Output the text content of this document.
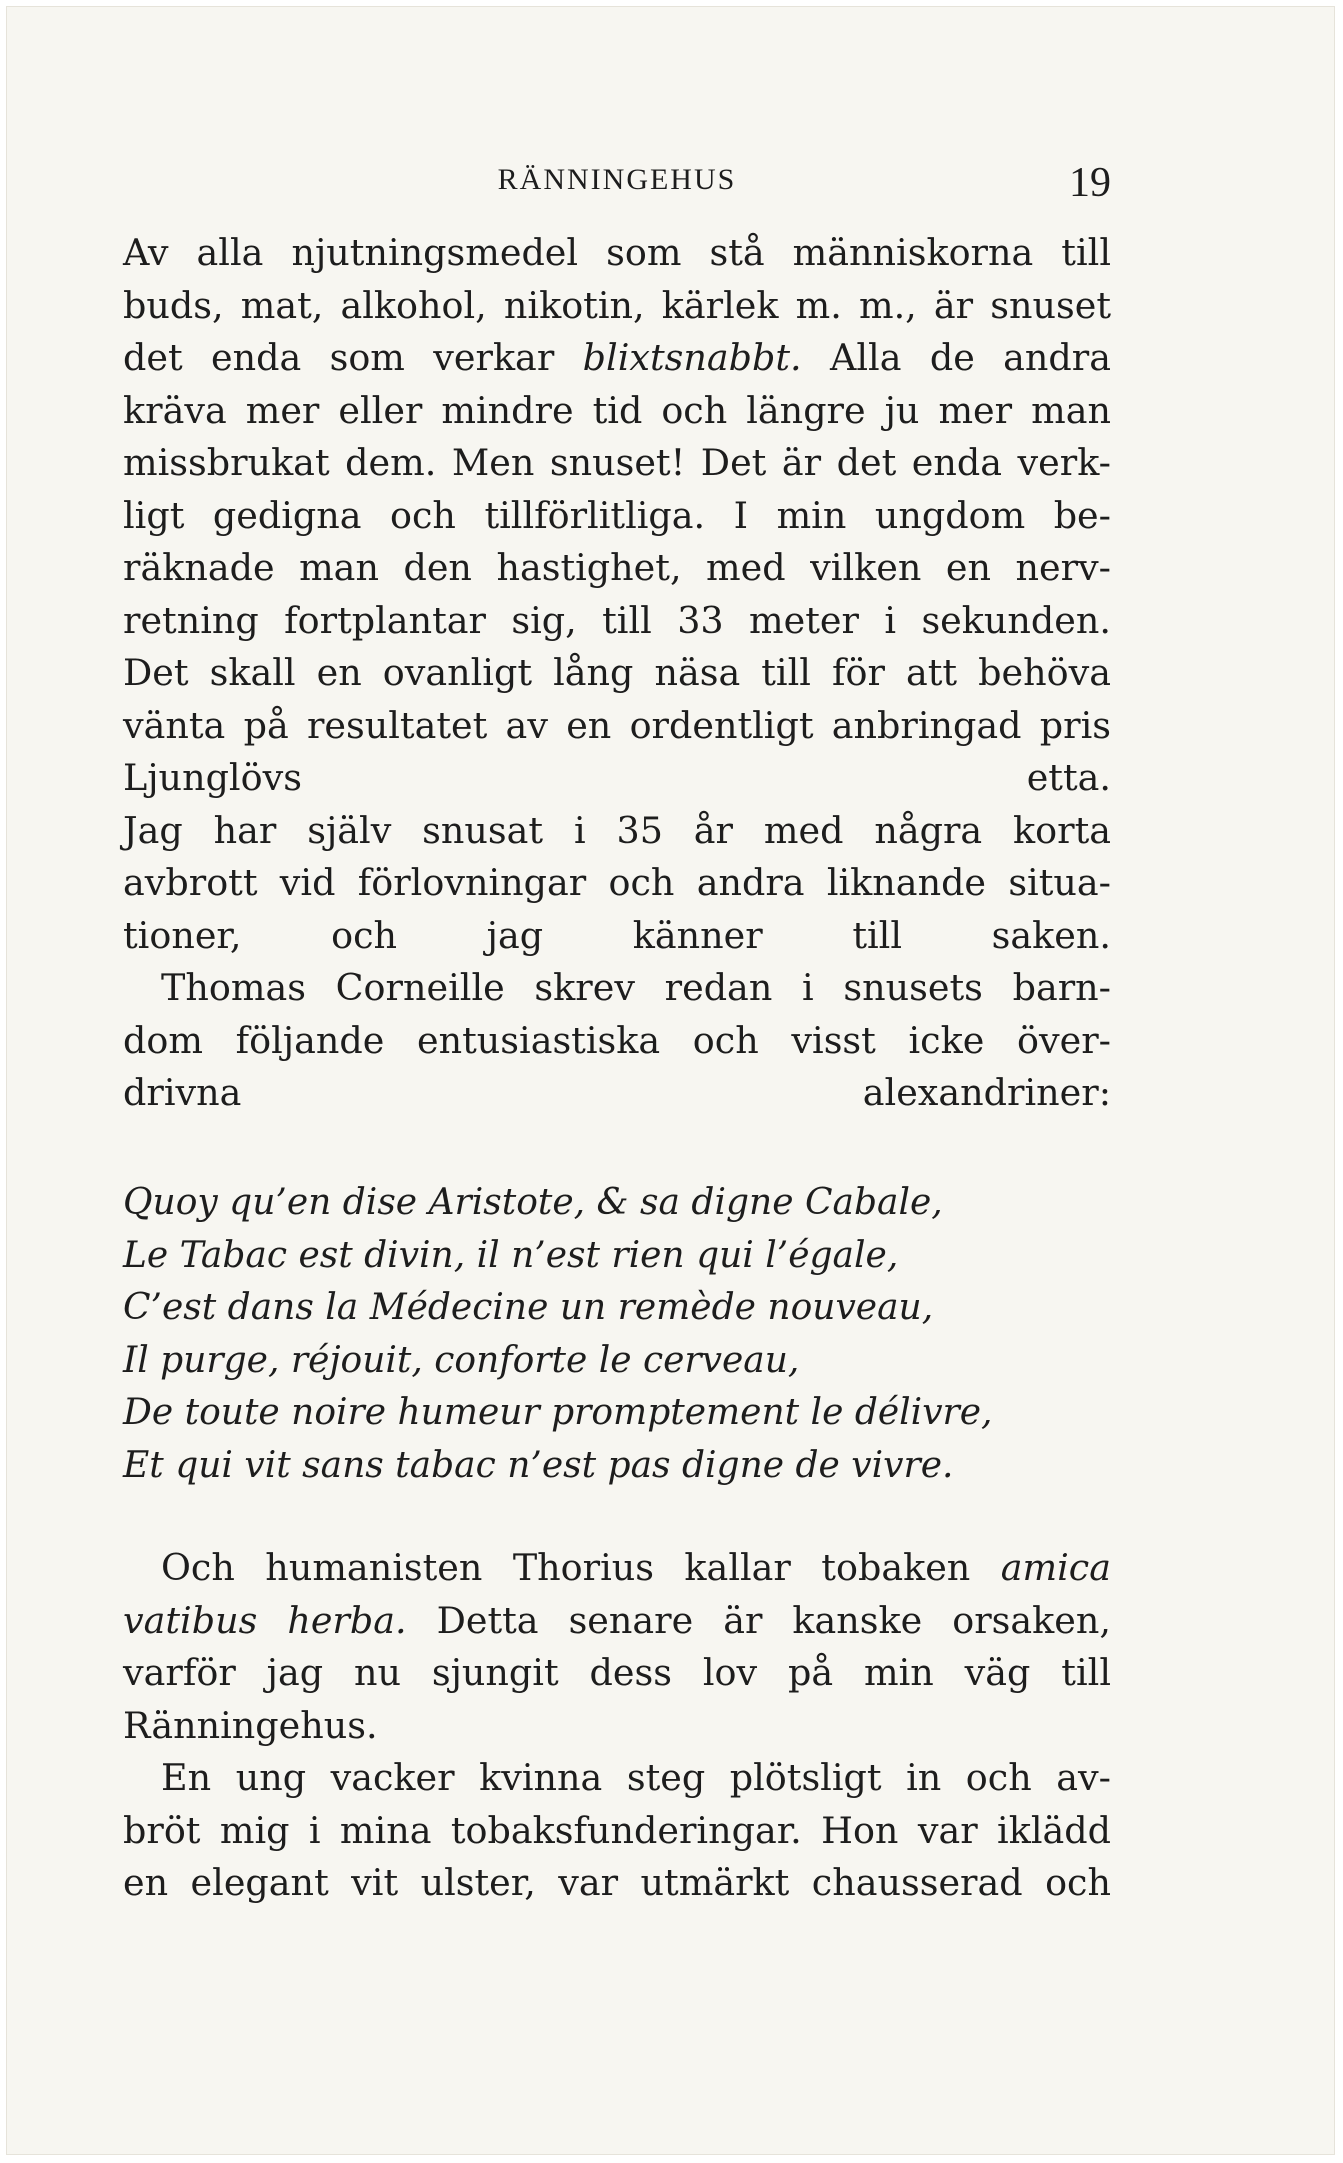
RÄNNINGEHUS	19

Av alla njutningsmedel som stå människorna till
buds, mat, alkohol, nikotin, kärlek m. m., är snuset
det enda som verkar blixtsnabbt. Alla de andra
kräva mer eller mindre tid och längre ju mer man
missbrukat dem. Men snuset! Det är det enda verk-
ligt gedigna och tillförlitliga. I min ungdom be-
räknade man den hastighet, med vilken en nerv-
retning fortplantar sig, till 33 meter i sekunden.
Det skall en ovanligt lång näsa till för att behöva
vänta på resultatet av en ordentligt anbringad pris
Ljunglövs etta.

Jag har själv snusat i 35 år med några korta
avbrott vid förlovningar och andra liknande situa-
tioner, och jag känner till saken.

Thomas Corneille skrev redan i snusets barn-
dom följande entusiastiska och visst icke över-
drivna alexandriner:

Quoy qu’en dise Aristote, & sa digne Cabale,
Le Tabac est divin, il n’est rien qui l’égale,
C’est dans la Médecine un remède nouveau,
Il purge, réjouit, conforte le cerveau,
De toute noire humeur promptement le délivre,
Et qui vit sans tabac n’est pas digne de vivre.

Och humanisten Thorius kallar tobaken amica
vatibus herba. Detta senare är kanske orsaken,
varför jag nu sjungit dess lov på min väg till
Ränningehus.

En ung vacker kvinna steg plötsligt in och av-
bröt mig i mina tobaksfunderingar. Hon var iklädd
en elegant vit ulster, var utmärkt chausserad och
